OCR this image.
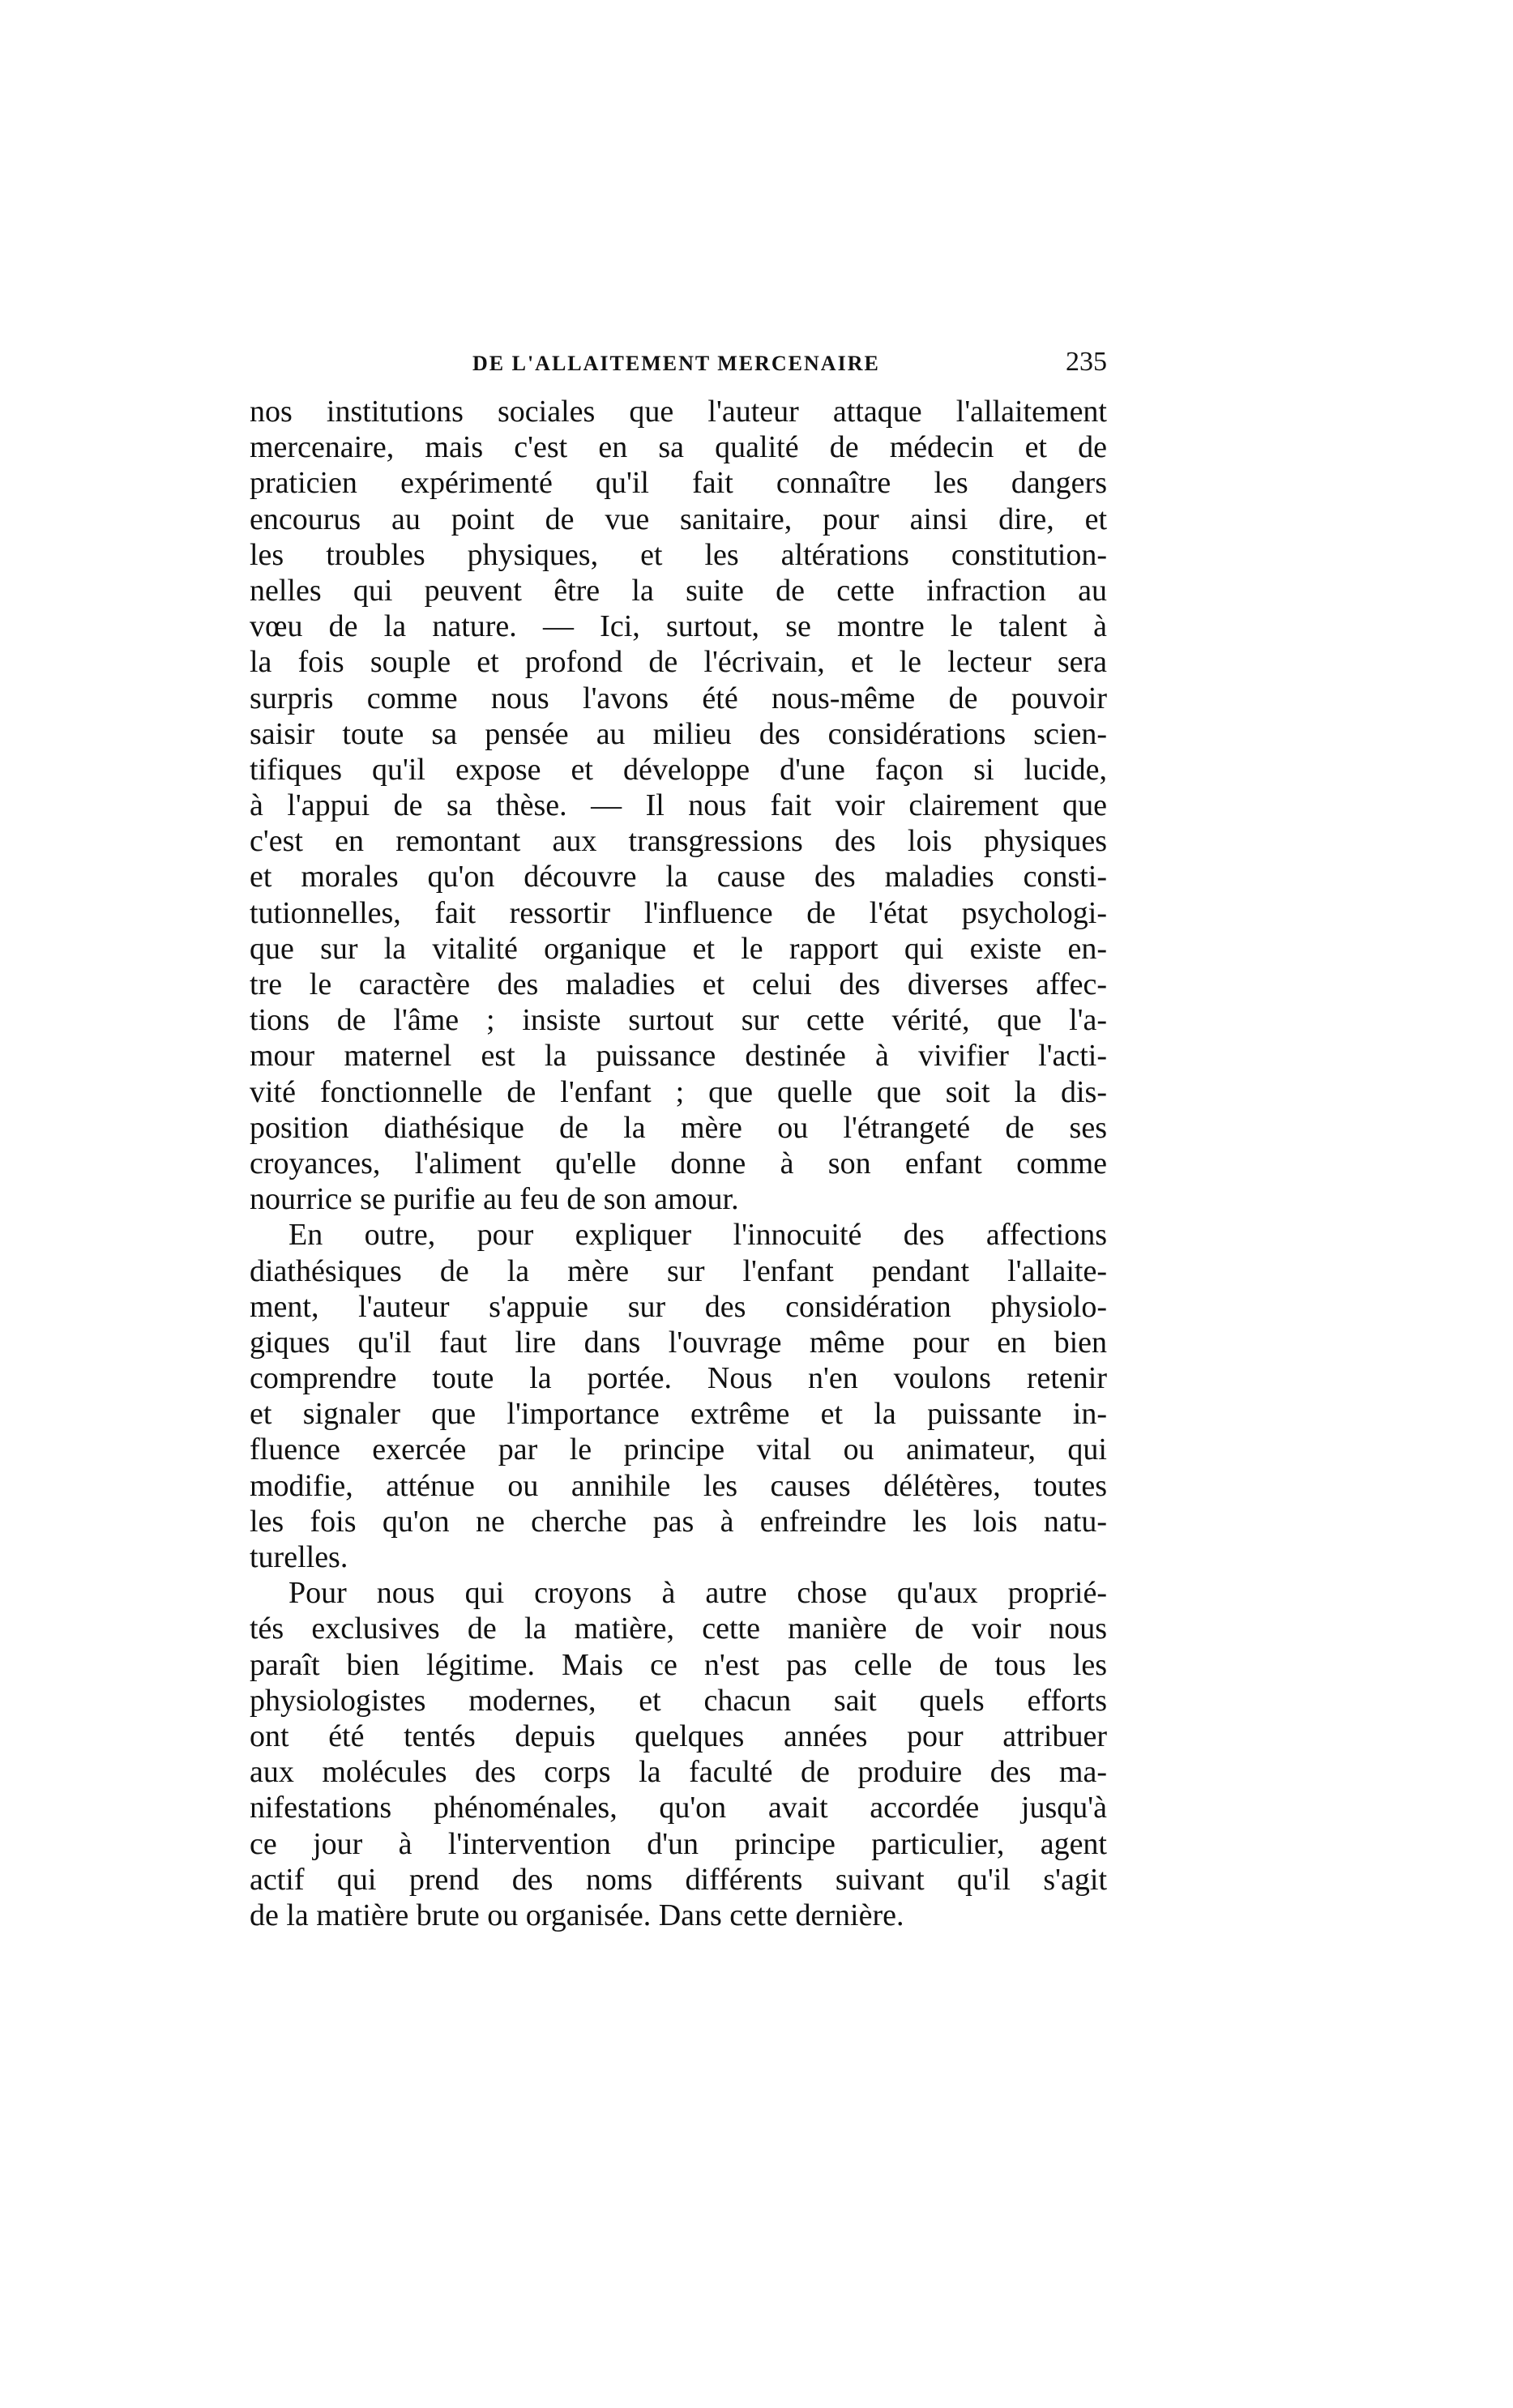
DE L'ALLAITEMENT MERCENAIRE	235
nos institutions sociales que l'auteur attaque l'allaitement
mercenaire, mais c'est en sa qualité de médecin et de
praticien expérimenté qu'il fait connaître les dangers
encourus au point de vue sanitaire, pour ainsi dire, et
les troubles physiques, et les altérations constitution-
nelles qui peuvent être la suite de cette infraction au
vœu de la nature. — Ici, surtout, se montre le talent à
la fois souple et profond de l'écrivain, et le lecteur sera
surpris comme nous l'avons été nous-même de pouvoir
saisir toute sa pensée au milieu des considérations scien-
tifiques qu'il expose et développe d'une façon si lucide,
à l'appui de sa thèse. — Il nous fait voir clairement que
c'est en remontant aux transgressions des lois physiques
et morales qu'on découvre la cause des maladies consti-
tutionnelles, fait ressortir l'influence de l'état psychologi-
que sur la vitalité organique et le rapport qui existe en-
tre le caractère des maladies et celui des diverses affec-
tions de l'âme ; insiste surtout sur cette vérité, que l'a-
mour maternel est la puissance destinée à vivifier l'acti-
vité fonctionnelle de l'enfant ; que quelle que soit la dis-
position diathésique de la mère ou l'étrangeté de ses
croyances, l'aliment qu'elle donne à son enfant comme
nourrice se purifie au feu de son amour.
En outre, pour expliquer l'innocuité des affections
diathésiques de la mère sur l'enfant pendant l'allaite-
ment, l'auteur s'appuie sur des considération physiolo-
giques qu'il faut lire dans l'ouvrage même pour en bien
comprendre toute la portée. Nous n'en voulons retenir
et signaler que l'importance extrême et la puissante in-
fluence exercée par le principe vital ou animateur, qui
modifie, atténue ou annihile les causes délétères, toutes
les fois qu'on ne cherche pas à enfreindre les lois natu-
turelles.
Pour nous qui croyons à autre chose qu'aux proprié-
tés exclusives de la matière, cette manière de voir nous
paraît bien légitime. Mais ce n'est pas celle de tous les
physiologistes modernes, et chacun sait quels efforts
ont été tentés depuis quelques années pour attribuer
aux molécules des corps la faculté de produire des ma-
nifestations phénoménales, qu'on avait accordée jusqu'à
ce jour à l'intervention d'un principe particulier, agent
actif qui prend des noms différents suivant qu'il s'agit
de la matière brute ou organisée. Dans cette dernière.
